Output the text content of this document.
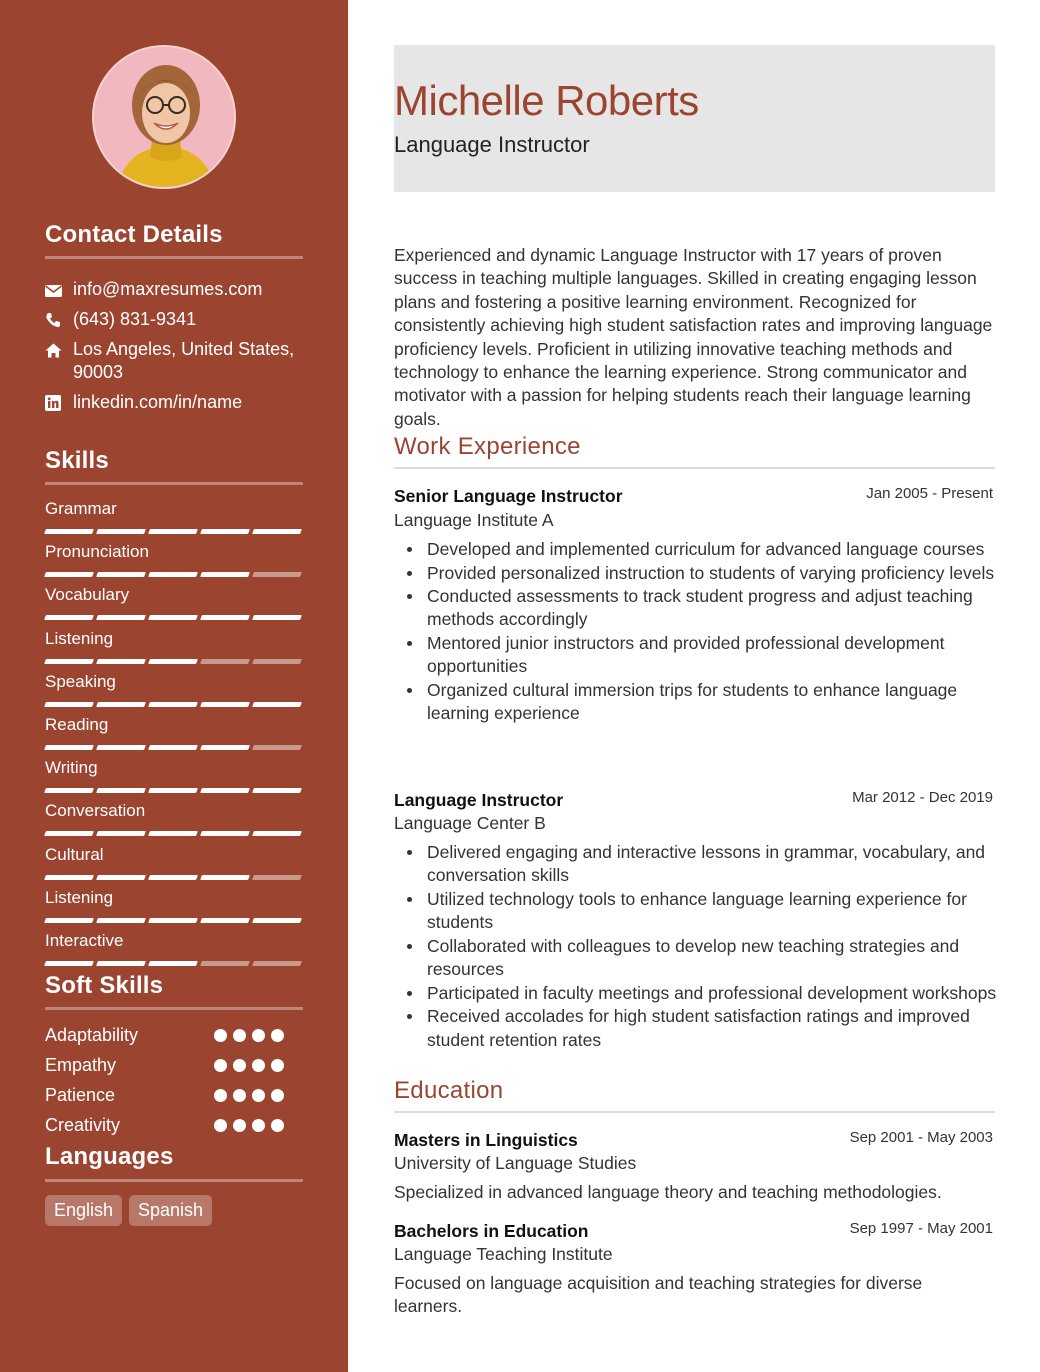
Contact Details
info@maxresumes.com
(643) 831-9341
Los Angeles, United States, 90003
linkedin.com/in/name
Skills
Soft Skills
Languages
English	Spanish
Grammar
Pronunciation
Vocabulary
Listening
Speaking
Reading
Writing
Conversation
Cultural
Listening
Interactive
Adaptability
Empathy
Patience
Creativity
Michelle Roberts
Language Instructor
Experienced and dynamic Language Instructor with 17 years of proven success in teaching multiple languages. Skilled in creating engaging lesson plans and fostering a positive learning environment. Recognized for consistently achieving high student satisfaction rates and improving language proficiency levels. Proficient in utilizing innovative teaching methods and technology to enhance the learning experience. Strong communicator and motivator with a passion for helping students reach their language learning goals.
Work Experience
Senior Language Instructor	Jan 2005 - Present
Language Institute A
Developed and implemented curriculum for advanced language courses
Provided personalized instruction to students of varying proficiency levels
Conducted assessments to track student progress and adjust teaching methods accordingly
Mentored junior instructors and provided professional development opportunities
Organized cultural immersion trips for students to enhance language learning experience
Language Instructor	Mar 2012 - Dec 2019
Language Center B
Delivered engaging and interactive lessons in grammar, vocabulary, and conversation skills
Utilized technology tools to enhance language learning experience for students
Collaborated with colleagues to develop new teaching strategies and resources
Participated in faculty meetings and professional development workshops
Received accolades for high student satisfaction ratings and improved student retention rates
Education
Masters in Linguistics	Sep 2001 - May 2003
University of Language Studies
Specialized in advanced language theory and teaching methodologies.
Bachelors in Education	Sep 1997 - May 2001
Language Teaching Institute
Focused on language acquisition and teaching strategies for diverse learners.
